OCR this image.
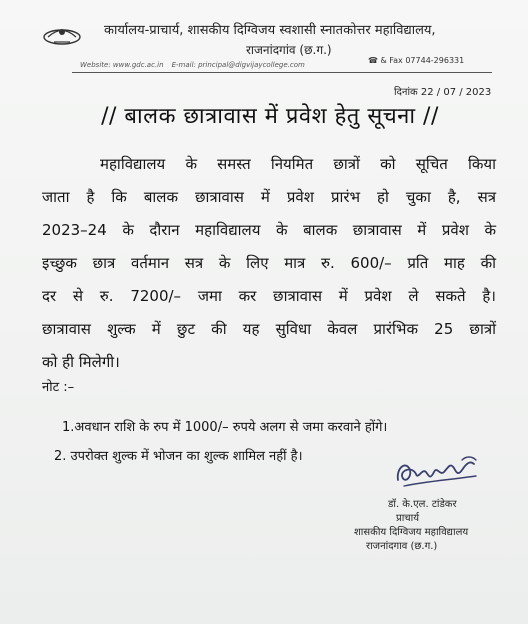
कार्यालय-प्राचार्य, शासकीय दिग्विजय स्वशासी स्नातकोत्तर महाविद्यालय,
राजनांदगांव (छ.ग.)
Website: www.gdc.ac.in E-mail: principal@digvijaycollege.com	☎ & Fax 07744-296331
दिनांक 22 / 07 / 2023
// बालक छात्रावास में प्रवेश हेतु सूचना //
महाविद्यालय के समस्त नियमित छात्रों को सूचित किया
जाता है कि बालक छात्रावास में प्रवेश प्रारंभ हो चुका है, सत्र
2023–24 के दौरान महाविद्यालय के बालक छात्रावास में प्रवेश के
इच्छुक छात्र वर्तमान सत्र के लिए मात्र रु. 600/– प्रति माह की
दर से रु. 7200/– जमा कर छात्रावास में प्रवेश ले सकते है।
छात्रावास शुल्क में छुट की यह सुविधा केवल प्रारंभिक 25 छात्रों
को ही मिलेगी।
नोट :–
1.अवधान राशि के रुप में 1000/– रुपये अलग से जमा करवाने होंगे।
2. उपरोक्त शुल्क में भोजन का शुल्क शामिल नहीं है।
डॉ. के.एल. टांडेकर
प्राचार्य
शासकीय दिग्विजय महाविद्यालय
राजनांदगाव (छ.ग.)
